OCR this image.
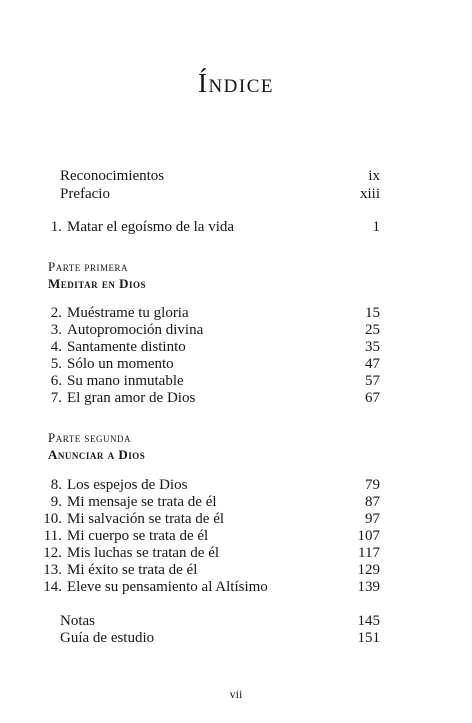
Índice
Reconocimientos	ix
Prefacio	xiii
1. Matar el egoísmo de la vida	1
Parte primera
Meditar en Dios
2. Muéstrame tu gloria	15
3. Autopromoción divina	25
4. Santamente distinto	35
5. Sólo un momento	47
6. Su mano inmutable	57
7. El gran amor de Dios	67
Parte segunda
Anunciar a Dios
8. Los espejos de Dios	79
9. Mi mensaje se trata de él	87
10. Mi salvación se trata de él	97
11. Mi cuerpo se trata de él	107
12. Mis luchas se tratan de él	117
13. Mi éxito se trata de él	129
14. Eleve su pensamiento al Altísimo	139
Notas	145
Guía de estudio	151
vii
